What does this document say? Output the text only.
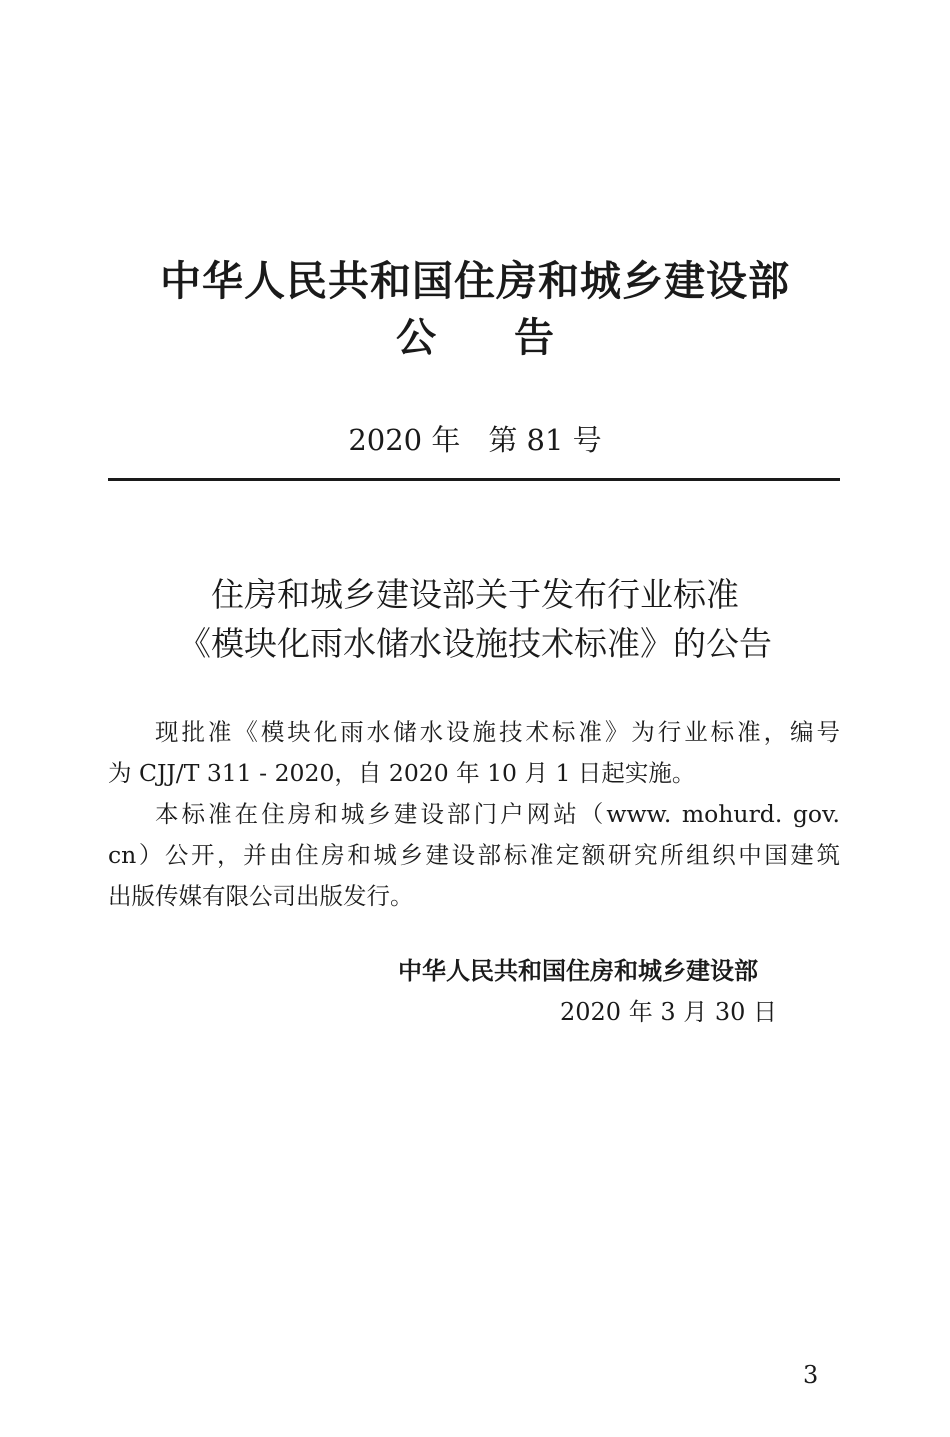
中华人民共和国住房和城乡建设部
公告
2020 年 第 81 号
住房和城乡建设部关于发布行业标准
《模块化雨水储水设施技术标准》的公告
现批准《模块化雨水储水设施技术标准》为行业标准，编号
为 CJJ/T 311 - 2020，自 2020 年 10 月 1 日起实施。
本标准在住房和城乡建设部门户网站（www. mohurd. gov.
cn）公开，并由住房和城乡建设部标准定额研究所组织中国建筑
出版传媒有限公司出版发行。
中华人民共和国住房和城乡建设部
2020 年 3 月 30 日
3
